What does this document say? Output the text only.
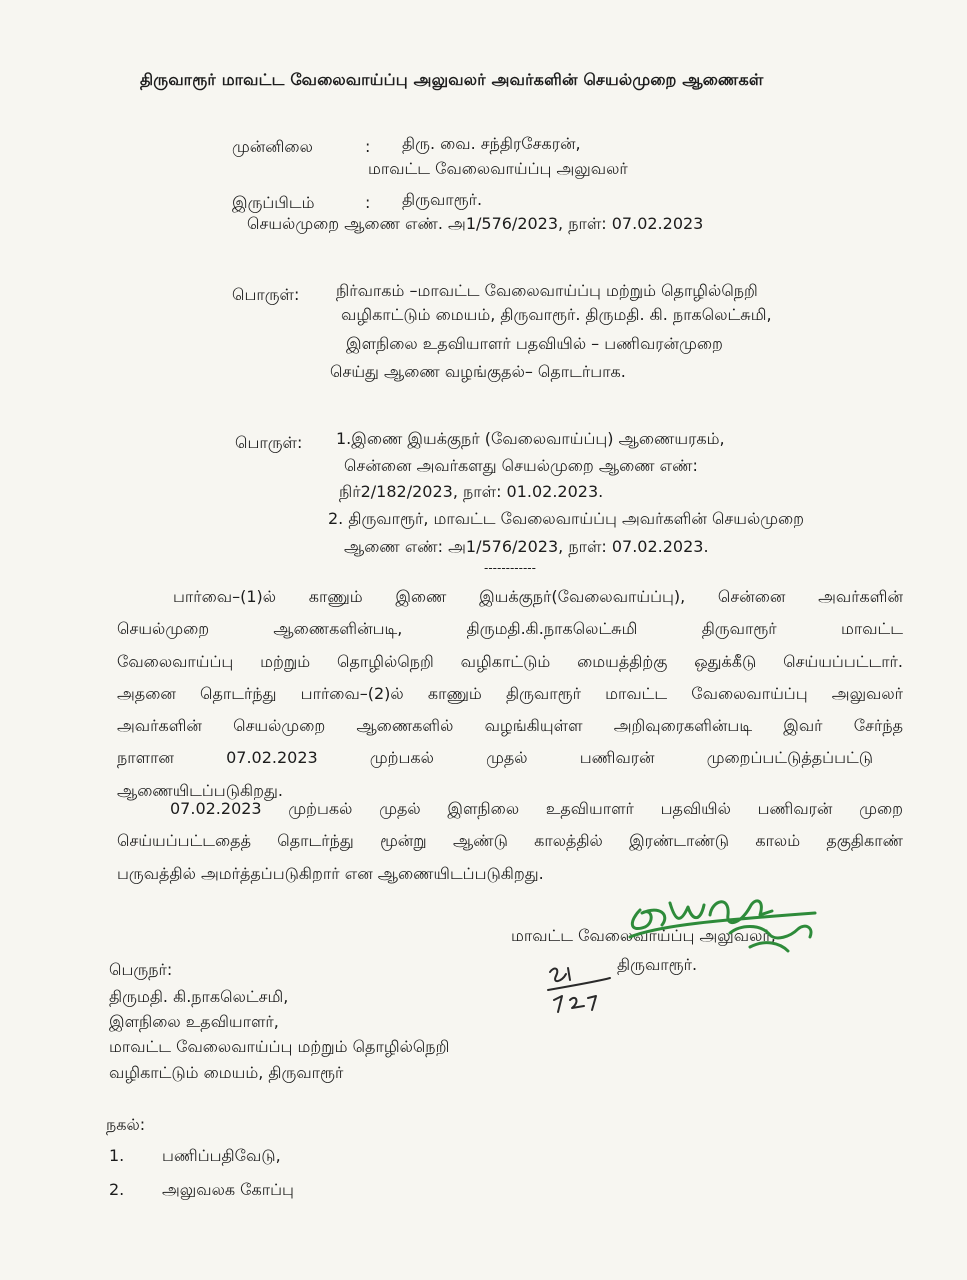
திருவாரூர் மாவட்ட வேலைவாய்ப்பு அலுவலர் அவர்களின் செயல்முறை ஆணைகள்
முன்னிலை	: திரு. வை. சந்திரசேகரன்,
மாவட்ட வேலைவாய்ப்பு அலுவலர்
இருப்பிடம்	: திருவாரூர்.
செயல்முறை ஆணை எண். அ1/576/2023, நாள்: 07.02.2023
பொருள்: நிர்வாகம் –மாவட்ட வேலைவாய்ப்பு மற்றும் தொழில்நெறி
வழிகாட்டும் மையம், திருவாரூர். திருமதி. கி. நாகலெட்சுமி,
இளநிலை உதவியாளர் பதவியில் – பணிவரன்முறை
செய்து ஆணை வழங்குதல்– தொடர்பாக.
பொருள்: 1.இணை இயக்குநர் (வேலைவாய்ப்பு) ஆணையரகம்,
சென்னை அவர்களது செயல்முறை ஆணை எண்:
நிர்2/182/2023, நாள்: 01.02.2023.
2. திருவாரூர், மாவட்ட வேலைவாய்ப்பு அவர்களின் செயல்முறை
ஆணை எண்: அ1/576/2023, நாள்: 07.02.2023.
------------
பார்வை–(1)ல் காணும் இணை இயக்குநர்(வேலைவாய்ப்பு), சென்னை அவர்களின்
செயல்முறை ஆணைகளின்படி, திருமதி.கி.நாகலெட்சுமி திருவாரூர் மாவட்ட
வேலைவாய்ப்பு மற்றும் தொழில்நெறி வழிகாட்டும் மையத்திற்கு ஒதுக்கீடு செய்யப்பட்டார்.
அதனை தொடர்ந்து பார்வை–(2)ல் காணும் திருவாரூர் மாவட்ட வேலைவாய்ப்பு அலுவலர்
அவர்களின் செயல்முறை ஆணைகளில் வழங்கியுள்ள அறிவுரைகளின்படி இவர் சேர்ந்த
நாளான 07.02.2023 முற்பகல் முதல் பணிவரன் முறைப்பட்டுத்தப்பட்டு
ஆணையிடப்படுகிறது.
07.02.2023 முற்பகல் முதல் இளநிலை உதவியாளர் பதவியில் பணிவரன் முறை
செய்யப்பட்டதைத் தொடர்ந்து மூன்று ஆண்டு காலத்தில் இரண்டாண்டு காலம் தகுதிகாண்
பருவத்தில் அமர்த்தப்படுகிறார் என ஆணையிடப்படுகிறது.
மாவட்ட வேலைவாய்ப்பு அலுவலர்,
திருவாரூர்.
பெருநர்:
திருமதி. கி.நாகலெட்சமி,
இளநிலை உதவியாளர்,
மாவட்ட வேலைவாய்ப்பு மற்றும் தொழில்நெறி
வழிகாட்டும் மையம், திருவாரூர்
நகல்:
1. பணிப்பதிவேடு,
2. அலுவலக கோப்பு
